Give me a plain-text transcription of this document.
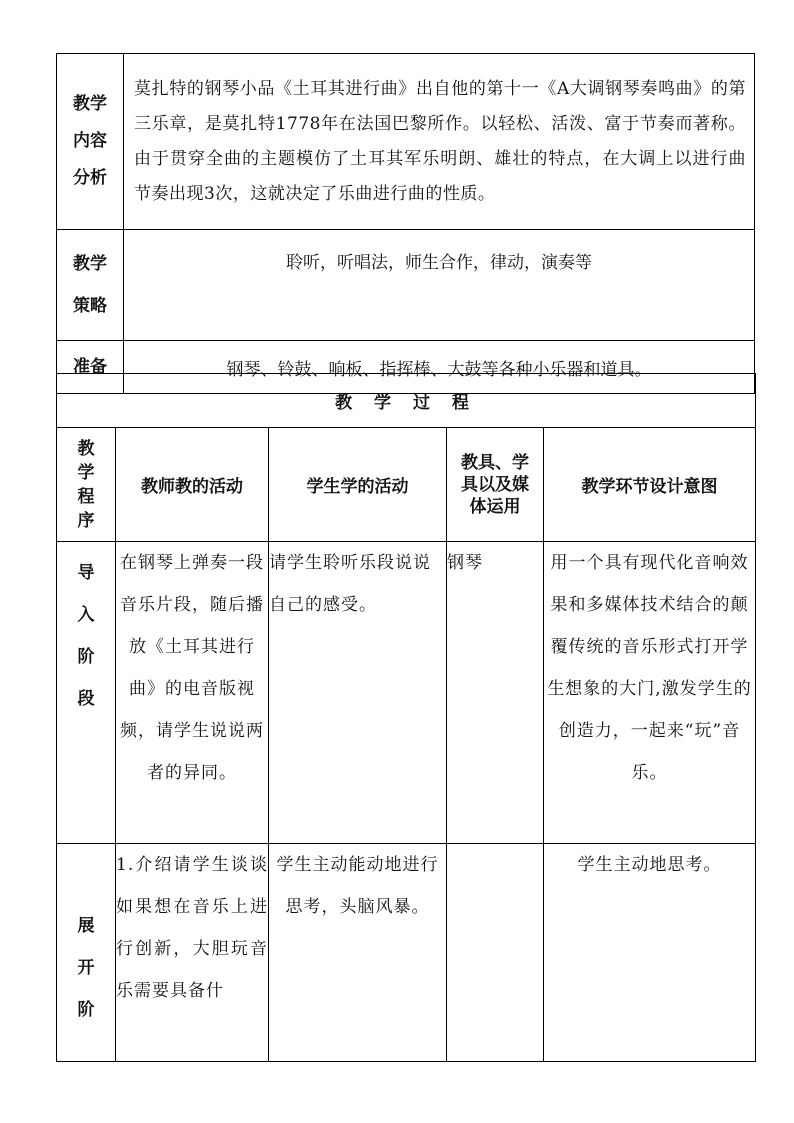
教学内容分析	莫扎特的钢琴小品《土耳其进行曲》出自他的第十一《A大调钢琴奏鸣曲》的第三乐章，是莫扎特1778年在法国巴黎所作。以轻松、活泼、富于节奏而著称。由于贯穿全曲的主题模仿了土耳其军乐明朗、雄壮的特点，在大调上以进行曲节奏出现3次，这就决定了乐曲进行曲的性质。

教学策略	聆听，听唱法，师生合作，律动，演奏等
准备	钢琴、铃鼓、响板、指挥棒、大鼓等各种小乐器和道具。
教 学 过 程				

教学程序	教师教的活动	学生学的活动	教具、学具以及媒体运用	教学环节设计意图

导入阶段	在钢琴上弹奏一段音乐片段，随后播放《土耳其进行曲》的电音版视频，请学生说说两者的异同。	请学生聆听乐段说说自己的感受。	钢琴	用一个具有现代化音响效果和多媒体技术结合的颠覆传统的音乐形式打开学生想象的大门,激发学生的创造力，一起来“玩”音乐。

展开阶	1.介绍请学生谈谈如果想在音乐上进行创新，大胆玩音乐需要具备什	学生主动能动地进行思考，头脑风暴。		学生主动地思考。
